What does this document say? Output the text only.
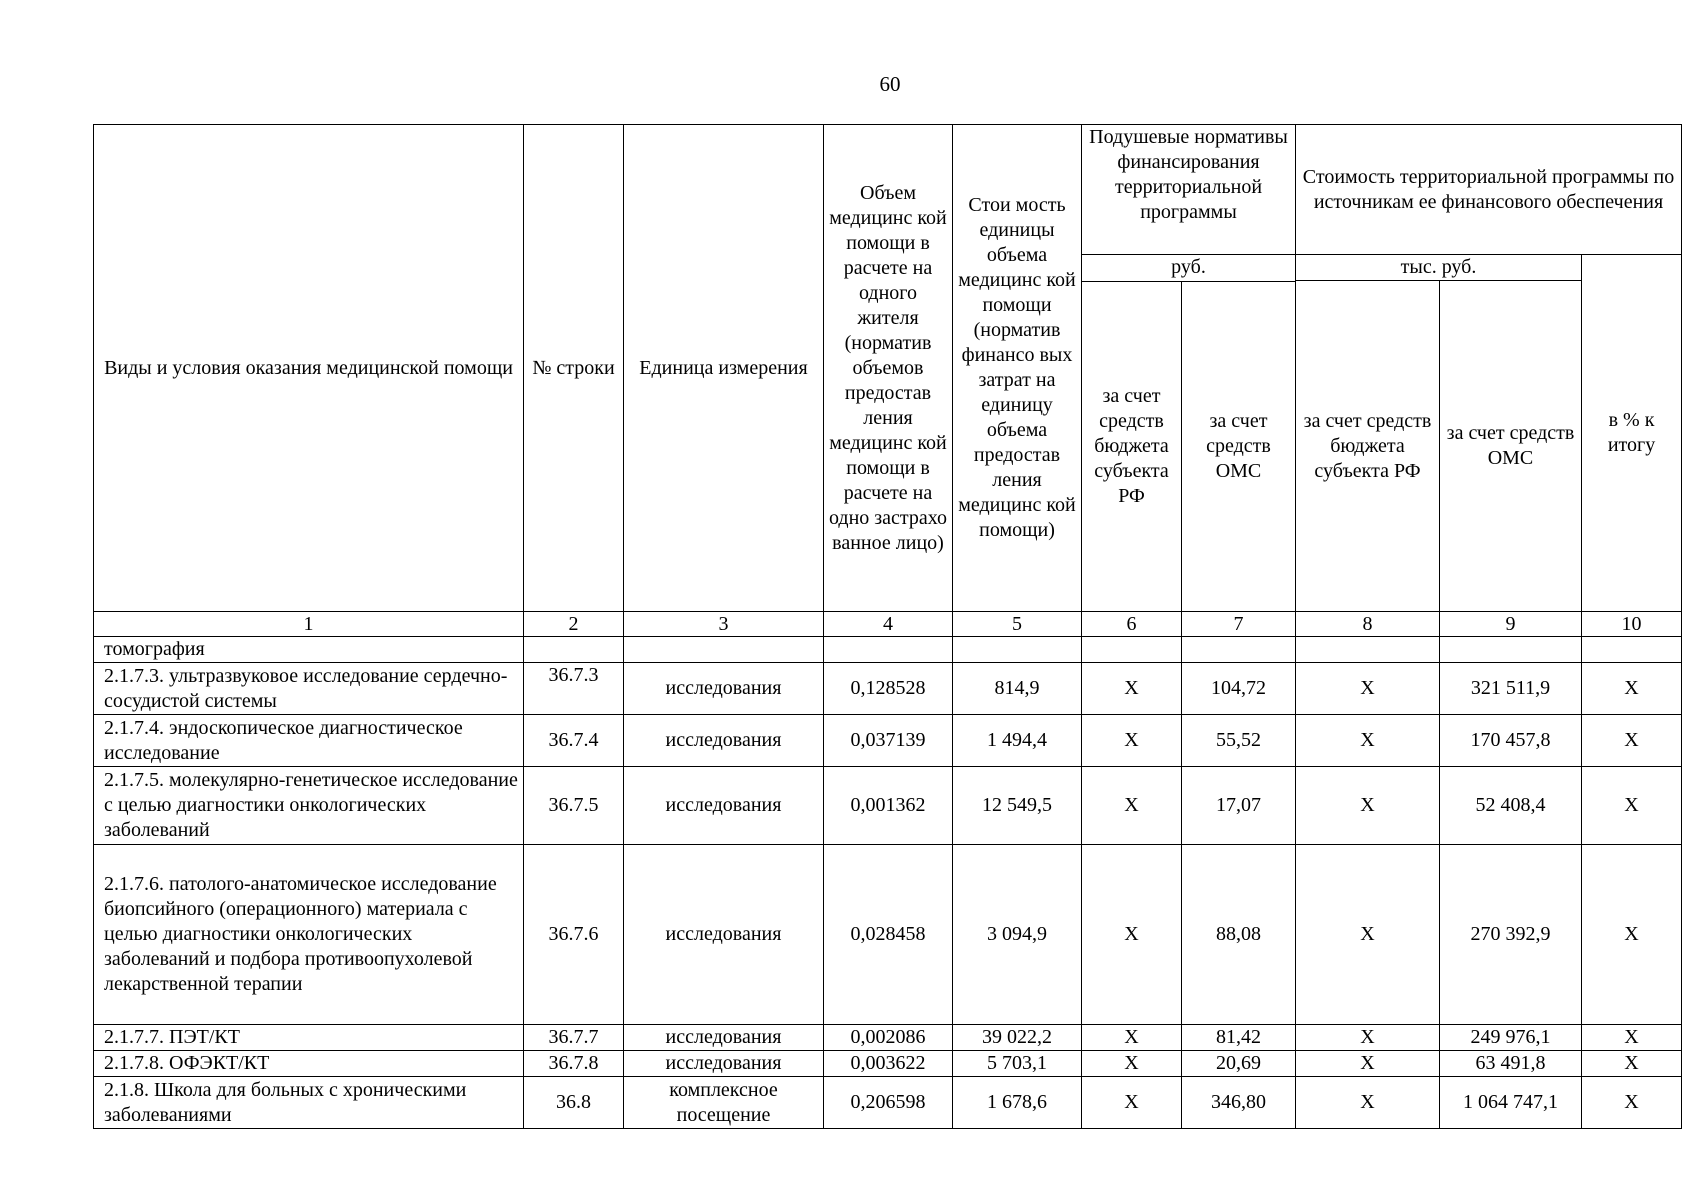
60
Виды и условия оказания медицинской помощи	№ строки	Единица измерения	Объем медицинс кой помощи в расчете на одного жителя (норматив объемов предостав ления медицинс кой помощи в расчете на одно застрахо ванное лицо)	Стои мость единицы объема медицинс кой помощи (норматив финансо вых затрат на единицу объема предостав ления медицинс кой помощи)	Подушевые нормативы финансирования территориальной программы		Стоимость территориальной программы по источникам ее финансового обеспечения		
					руб.		тыс. руб.		в % к итогу
							за счет средств бюджета субъекта РФ	за счет средств ОМС	
					за счет средств бюджета субъекта РФ	за счет средств ОМС			
1	2	3	4	5	6	7	8	9	10
томография									
2.1.7.3. ультразвуковое исследование сердечно-сосудистой системы	36.7.3	исследования	0,128528	814,9	Х	104,72	Х	321 511,9	Х
2.1.7.4. эндоскопическое диагностическое исследование	36.7.4	исследования	0,037139	1 494,4	Х	55,52	Х	170 457,8	Х
2.1.7.5. молекулярно-генетическое исследование с целью диагностики онкологических заболеваний	36.7.5	исследования	0,001362	12 549,5	Х	17,07	Х	52 408,4	Х
2.1.7.6. патолого-анатомическое исследование биопсийного (операционного) материала с целью диагностики онкологических заболеваний и подбора противоопухолевой лекарственной терапии	36.7.6	исследования	0,028458	3 094,9	Х	88,08	Х	270 392,9	Х
2.1.7.7. ПЭТ/КТ	36.7.7	исследования	0,002086	39 022,2	Х	81,42	Х	249 976,1	Х
2.1.7.8. ОФЭКТ/КТ	36.7.8	исследования	0,003622	5 703,1	Х	20,69	Х	63 491,8	Х
2.1.8. Школа для больных с хроническими заболеваниями	36.8	комплексное посещение	0,206598	1 678,6	Х	346,80	Х	1 064 747,1	Х
